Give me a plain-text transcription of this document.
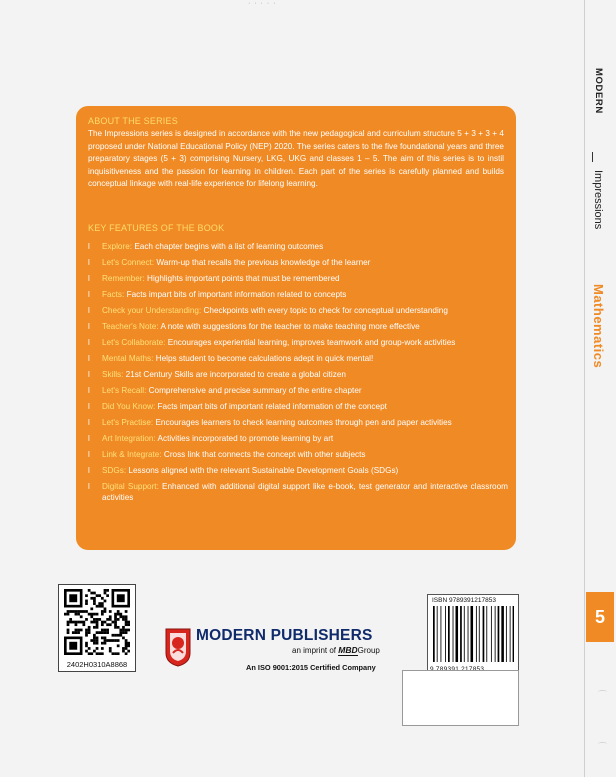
· · · · ·
ABOUT THE SERIES
The Impressions series is designed in accordance with the new pedagogical and curriculum structure 5 + 3 + 3 + 4 proposed under National Educational Policy (NEP) 2020. The series caters to the five foundational years and three preparatory stages (5 + 3) comprising Nursery, LKG, UKG and classes 1 – 5. The aim of this series is to instil inquisitiveness and the passion for learning in children. Each part of the series is carefully planned and builds conceptual linkage with real-life experience for lifelong learning.
KEY FEATURES OF THE BOOK
l Explore: Each chapter begins with a list of learning outcomes
l Let's Connect: Warm-up that recalls the previous knowledge of the learner
l Remember: Highlights important points that must be remembered
l Facts: Facts impart bits of important information related to concepts
l Check your Understanding: Checkpoints with every topic to check for conceptual understanding
l Teacher's Note: A note with suggestions for the teacher to make teaching more effective
l Let's Collaborate: Encourages experiential learning, improves teamwork and group-work activities
l Mental Maths: Helps student to become calculations adept in quick mental!
l Skills: 21st Century Skills are incorporated to create a global citizen
l Let's Recall: Comprehensive and precise summary of the entire chapter
l Did You Know: Facts impart bits of important related information of the concept
l Let's Practise: Encourages learners to check learning outcomes through pen and paper activities
l Art Integration: Activities incorporated to promote learning by art
l Link & Integrate: Cross link that connects the concept with other subjects
l SDGs: Lessons aligned with the relevant Sustainable Development Goals (SDGs)
l Digital Support: Enhanced with additional digital support like e-book, test generator and interactive classroom activities
MODERN
Impressions
Mathematics
5
⌒
⌒
2402H0310A8868
MODERN PUBLISHERS
an imprint of MBDGroup
An ISO 9001:2015 Certified Company
ISBN 9789391217853
